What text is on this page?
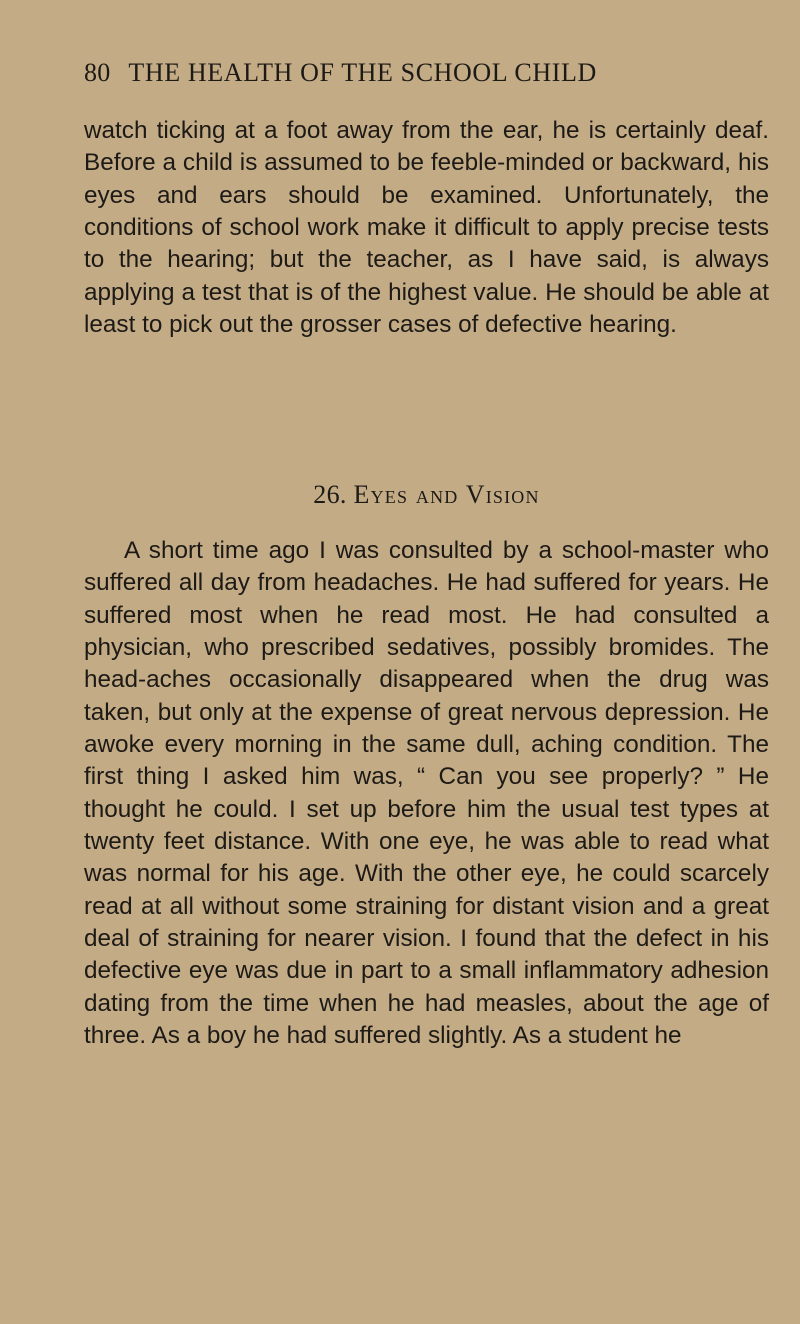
80 THE HEALTH OF THE SCHOOL CHILD
watch ticking at a foot away from the ear, he is certainly deaf. Before a child is assumed to be feeble-minded or backward, his eyes and ears should be examined. Unfortunately, the conditions of school work make it difficult to apply precise tests to the hearing; but the teacher, as I have said, is always applying a test that is of the highest value. He should be able at least to pick out the grosser cases of defective hearing.
26. Eyes and Vision
A short time ago I was consulted by a school-master who suffered all day from headaches. He had suffered for years. He suffered most when he read most. He had consulted a physician, who prescribed sedatives, possibly bromides. The head-aches occasionally disappeared when the drug was taken, but only at the expense of great nervous depression. He awoke every morning in the same dull, aching condition. The first thing I asked him was, “ Can you see properly? ” He thought he could. I set up before him the usual test types at twenty feet distance. With one eye, he was able to read what was normal for his age. With the other eye, he could scarcely read at all without some straining for distant vision and a great deal of straining for nearer vision. I found that the defect in his defective eye was due in part to a small inflammatory adhesion dating from the time when he had measles, about the age of three. As a boy he had suffered slightly. As a student he
